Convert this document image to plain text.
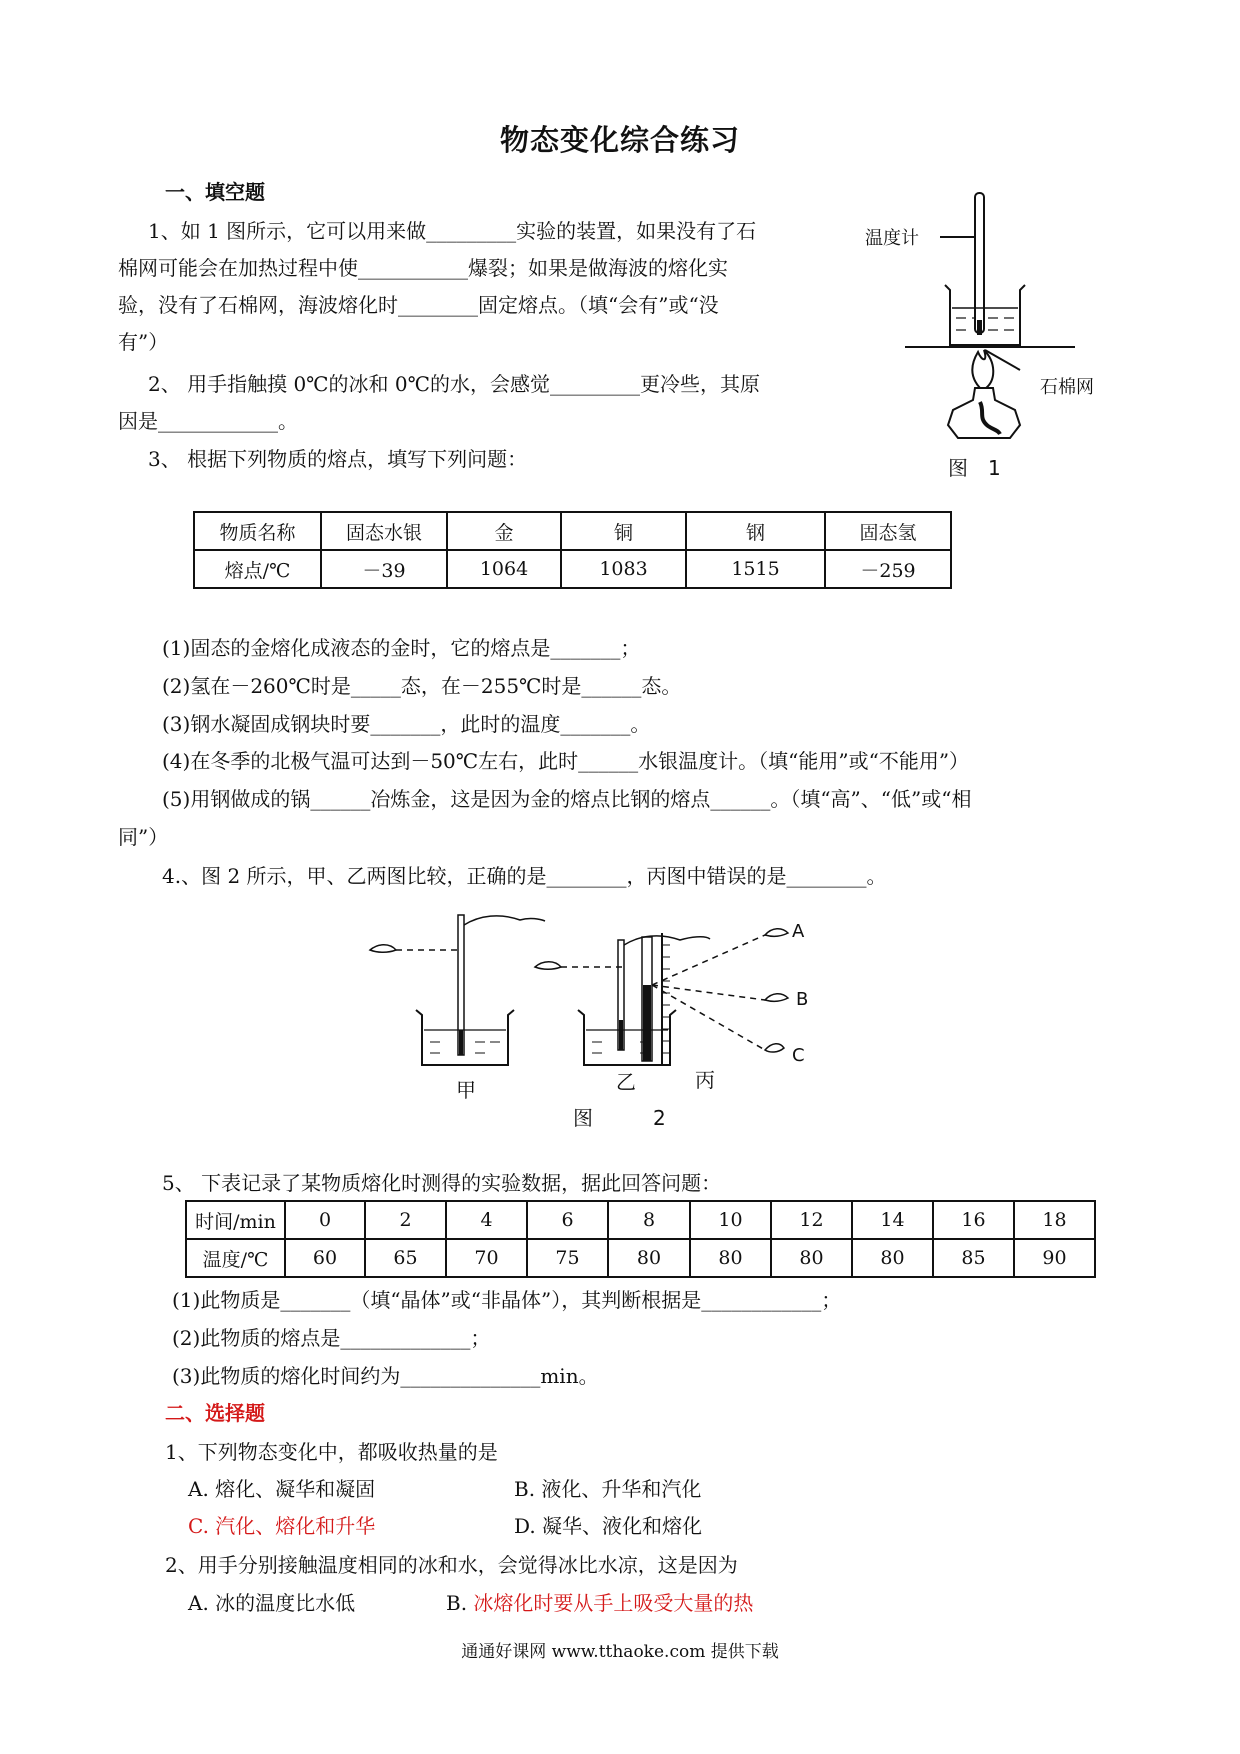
物态变化综合练习
一、填空题
1、如 1 图所示，它可以用来做_________实验的装置，如果没有了石
棉网可能会在加热过程中使___________爆裂；如果是做海波的熔化实
验，没有了石棉网，海波熔化时________固定熔点。（填“会有”或“没
有”）
2、 用手指触摸 0℃的冰和 0℃的水，会感觉_________更冷些，其原
因是____________。
3、 根据下列物质的熔点，填写下列问题：
温度计
石棉网
图　1
物质名称	固态水银	金	铜	钢	固态氢
熔点/℃	－39	1064	1083	1515	－259
(1)固态的金熔化成液态的金时，它的熔点是_______；
(2)氢在－260℃时是_____态，在－255℃时是______态。
(3)钢水凝固成钢块时要_______，此时的温度_______。
(4)在冬季的北极气温可达到－50℃左右，此时______水银温度计。（填“能用”或“不能用”）
(5)用钢做成的锅______冶炼金，这是因为金的熔点比钢的熔点______。（填“高”、“低”或“相
同”）
4.、图 2 所示，甲、乙两图比较，正确的是________，丙图中错误的是________。
甲	乙
A
B
C
丙
图　　　2
5、 下表记录了某物质熔化时测得的实验数据，据此回答问题：
时间/min	0	2	4	6	8	10	12	14	16	18
温度/℃	60	65	70	75	80	80	80	80	85	90
(1)此物质是_______（填“晶体”或“非晶体”），其判断根据是____________；
(2)此物质的熔点是_____________；
(3)此物质的熔化时间约为______________min。
二、选择题
1、下列物态变化中，都吸收热量的是
A. 熔化、凝华和凝固	B. 液化、升华和汽化
C. 汽化、熔化和升华	D. 凝华、液化和熔化
2、用手分别接触温度相同的冰和水，会觉得冰比水凉，这是因为
A. 冰的温度比水低	B. 冰熔化时要从手上吸受大量的热
通通好课网 www.tthaoke.com 提供下载
